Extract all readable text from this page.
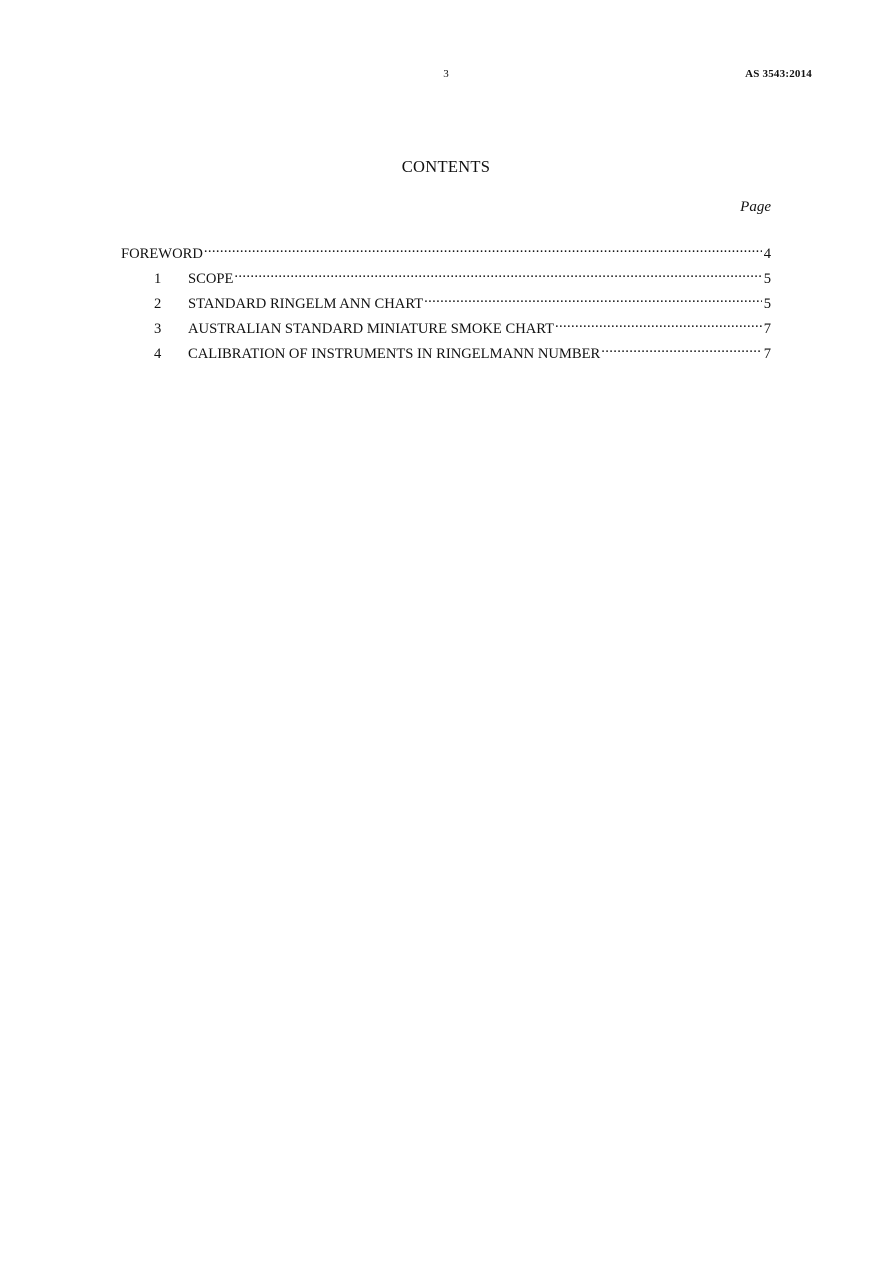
3	AS 3543:2014
CONTENTS
Page
FOREWORD .....	4
1	SCOPE .....	5
2	STANDARD RINGELM ANN CHART .....	5
3	AUSTRALIAN STANDARD MINIATURE SMOKE CHART .....	7
4	CALIBRATION OF INSTRUMENTS IN RINGELMANN NUMBER .....	7
